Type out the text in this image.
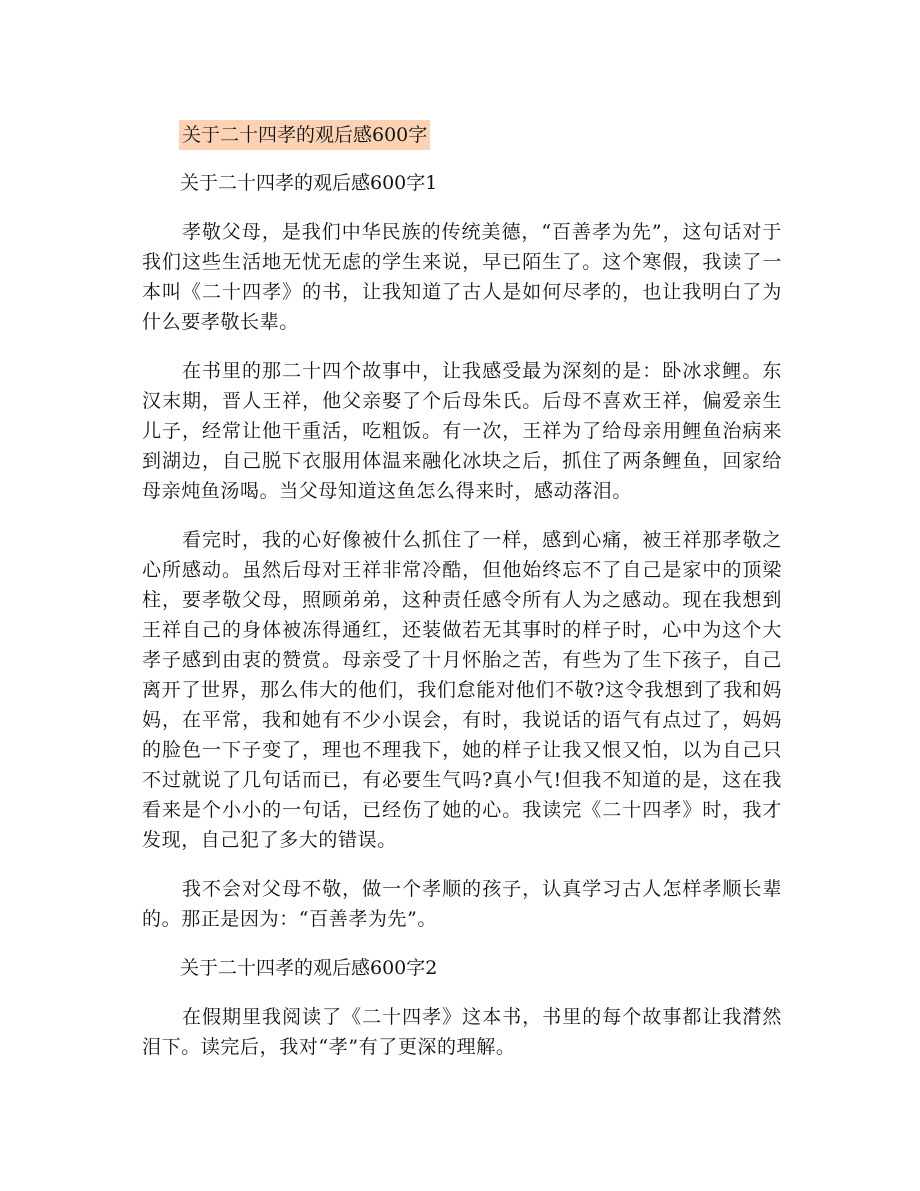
关于二十四孝的观后感600字
关于二十四孝的观后感600字1

孝敬父母，是我们中华民族的传统美德，“百善孝为先”，这句话对于我们这些生活地无忧无虑的学生来说，早已陌生了。这个寒假，我读了一本叫《二十四孝》的书，让我知道了古人是如何尽孝的，也让我明白了为什么要孝敬长辈。

在书里的那二十四个故事中，让我感受最为深刻的是：卧冰求鲤。东汉末期，晋人王祥，他父亲娶了个后母朱氏。后母不喜欢王祥，偏爱亲生儿子，经常让他干重活，吃粗饭。有一次，王祥为了给母亲用鲤鱼治病来到湖边，自己脱下衣服用体温来融化冰块之后，抓住了两条鲤鱼，回家给母亲炖鱼汤喝。当父母知道这鱼怎么得来时，感动落泪。

看完时，我的心好像被什么抓住了一样，感到心痛，被王祥那孝敬之心所感动。虽然后母对王祥非常冷酷，但他始终忘不了自己是家中的顶梁柱，要孝敬父母，照顾弟弟，这种责任感令所有人为之感动。现在我想到王祥自己的身体被冻得通红，还装做若无其事时的样子时，心中为这个大孝子感到由衷的赞赏。母亲受了十月怀胎之苦，有些为了生下孩子，自己离开了世界，那么伟大的他们，我们怠能对他们不敬?这令我想到了我和妈妈，在平常，我和她有不少小误会，有时，我说话的语气有点过了，妈妈的脸色一下子变了，理也不理我下，她的样子让我又恨又怕，以为自己只不过就说了几句话而已，有必要生气吗?真小气!但我不知道的是，这在我看来是个小小的一句话，已经伤了她的心。我读完《二十四孝》时，我才发现，自己犯了多大的错误。

我不会对父母不敬，做一个孝顺的孩子，认真学习古人怎样孝顺长辈的。那正是因为：“百善孝为先”。

关于二十四孝的观后感600字2

在假期里我阅读了《二十四孝》这本书，书里的每个故事都让我潸然泪下。读完后，我对“孝”有了更深的理解。
